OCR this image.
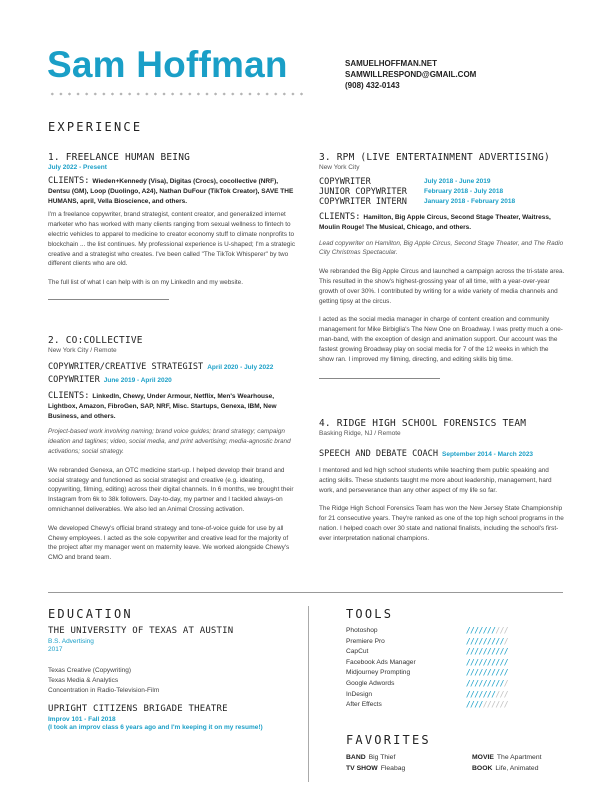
Sam Hoffman	SAMUELHOFFMAN.NET
SAMWILLRESPOND@GMAIL.COM
(908) 432-0143
EXPERIENCE
1. FREELANCE HUMAN BEING
July 2022 - Present
CLIENTS: Wieden+Kennedy (Visa), Digitas (Crocs), cocollective (NRF), Dentsu (GM), Loop (Duolingo, A24), Nathan DuFour (TikTok Creator), SAVE THE HUMANS, april, Vella Bioscience, and others.
I'm a freelance copywriter, brand strategist, content creator, and generalized internet marketer who has worked with many clients ranging from sexual wellness to fintech to electric vehicles to apparel to medicine to creator economy stuff to climate nonprofits to blockchain ... the list continues. My professional experience is U-shaped; I'm a strategic creative and a strategist who creates. I've been called "The TikTok Whisperer" by two different clients who are old.
The full list of what I can help with is on my LinkedIn and my website.
2. CO:COLLECTIVE
New York City / Remote
COPYWRITER/CREATIVE STRATEGIST April 2020 - July 2022
COPYWRITER June 2019 - April 2020
CLIENTS: LinkedIn, Chewy, Under Armour, Netflix, Men's Wearhouse, Lightbox, Amazon, FibroGen, SAP, NRF, Misc. Startups, Genexa, IBM, New Business, and others.
Project-based work involving naming; brand voice guides; brand strategy; campaign ideation and taglines; video, social media, and print advertising; media-agnostic brand activations; social strategy.
We rebranded Genexa, an OTC medicine start-up. I helped develop their brand and social strategy and functioned as social strategist and creative (e.g. ideating, copywriting, filming, editing) across their digital channels. In 6 months, we brought their Instagram from 6k to 38k followers. Day-to-day, my partner and I tackled always-on omnichannel deliverables. We also led an Animal Crossing activation.
We developed Chewy's official brand strategy and tone-of-voice guide for use by all Chewy employees. I acted as the sole copywriter and creative lead for the majority of the project after my manager went on maternity leave. We worked alongside Chewy's CMO and brand team.
3. RPM (LIVE ENTERTAINMENT ADVERTISING)
New York City
COPYWRITER	July 2018 - June 2019
JUNIOR COPYWRITER	February 2018 - July 2018
COPYWRITER INTERN	January 2018 - February 2018
CLIENTS: Hamilton, Big Apple Circus, Second Stage Theater, Waitress, Moulin Rouge! The Musical, Chicago, and others.
Lead copywriter on Hamilton, Big Apple Circus, Second Stage Theater, and The Radio City Christmas Spectacular.
We rebranded the Big Apple Circus and launched a campaign across the tri-state area. This resulted in the show's highest-grossing year of all time, with a year-over-year growth of over 30%. I contributed by writing for a wide variety of media channels and getting tipsy at the circus.
I acted as the social media manager in charge of content creation and community management for Mike Birbiglia's The New One on Broadway. I was pretty much a one-man-band, with the exception of design and animation support. Our account was the fastest growing Broadway play on social media for 7 of the 12 weeks in which the show ran. I improved my filming, directing, and editing skills big time.
4. RIDGE HIGH SCHOOL FORENSICS TEAM
Basking Ridge, NJ / Remote
SPEECH AND DEBATE COACH September 2014 - March 2023
I mentored and led high school students while teaching them public speaking and acting skills. These students taught me more about leadership, management, hard work, and perseverance than any other aspect of my life so far.
The Ridge High School Forensics Team has won the New Jersey State Championship for 21 consecutive years. They're ranked as one of the top high school programs in the nation. I helped coach over 30 state and national finalists, including the school's first-ever interpretation national champions.
EDUCATION
THE UNIVERSITY OF TEXAS AT AUSTIN
B.S. Advertising
2017
Texas Creative (Copywriting)
Texas Media & Analytics
Concentration in Radio-Television-Film
UPRIGHT CITIZENS BRIGADE THEATRE
Improv 101 - Fall 2018
(I took an improv class 6 years ago and I'm keeping it on my resume!)
TOOLS
Photoshop	//////////
Premiere Pro	//////////
CapCut	//////////
Facebook Ads Manager	//////////
Midjourney Prompting	//////////
Google Adwords	//////////
InDesign	//////////
After Effects	//////////
FAVORITES
BAND Big Thief	MOVIE The Apartment
TV SHOW Fleabag	BOOK Life, Animated
